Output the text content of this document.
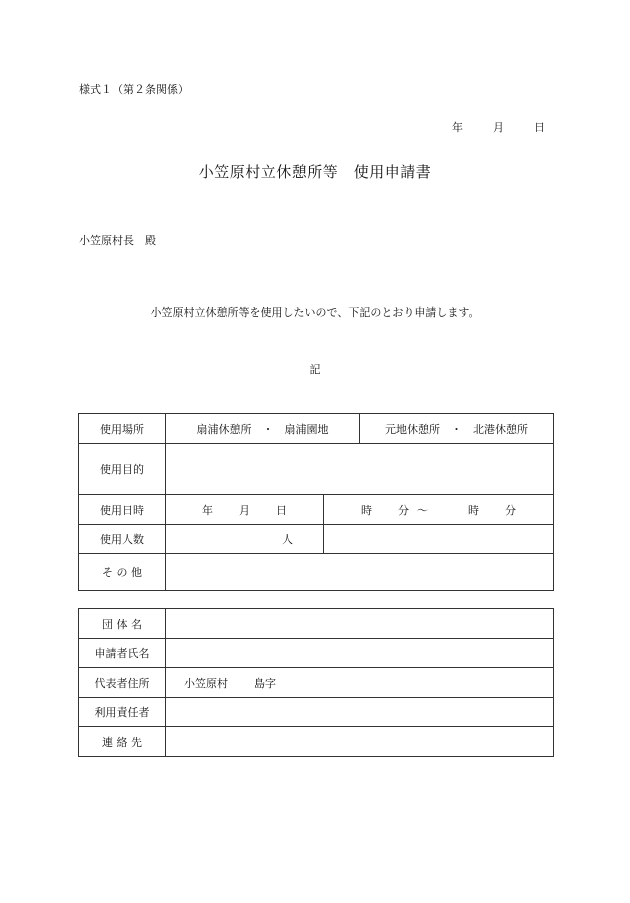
様式１（第２条関係）
年	月	日
小笠原村立休憩所等　使用申請書
小笠原村長　殿
小笠原村立休憩所等を使用したいので、下記のとおり申請します。
記
使用場所	扇浦休憩所　・　扇浦園地		元地休憩所　・　北港休憩所
使用目的			
使用日時	年 月 日	時 分 〜 時 分	
使用人数	人		
そ の 他			
団 体 名	
申請者氏名	
代表者住所	小笠原村 島字
利用責任者	
連 絡 先	
